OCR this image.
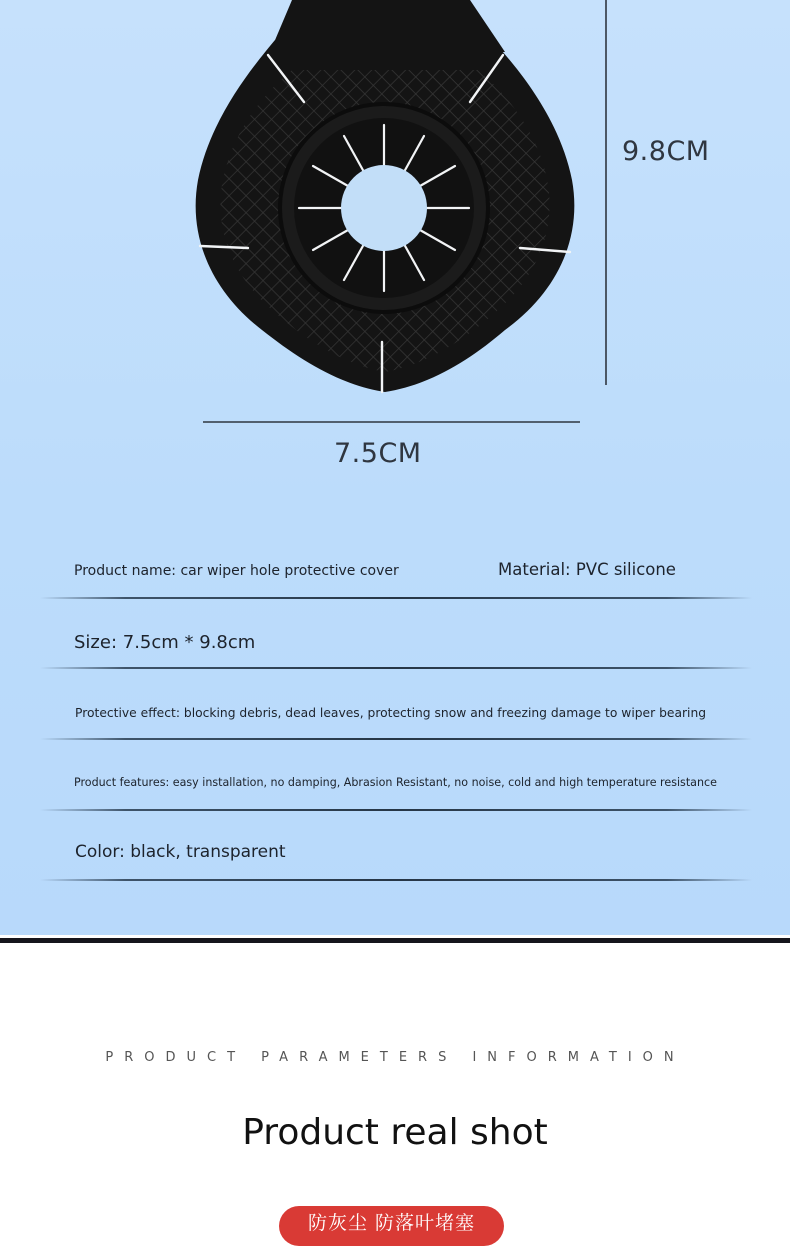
9.8CM
7.5CM
Product name: car wiper hole protective cover	Material: PVC silicone
Size: 7.5cm * 9.8cm
Protective effect: blocking debris, dead leaves, protecting snow and freezing damage to wiper bearing
Product features: easy installation, no damping, Abrasion Resistant, no noise, cold and high temperature resistance
Color: black, transparent
PRODUCT PARAMETERS INFORMATION
Product real shot
防灰尘 防落叶堵塞
